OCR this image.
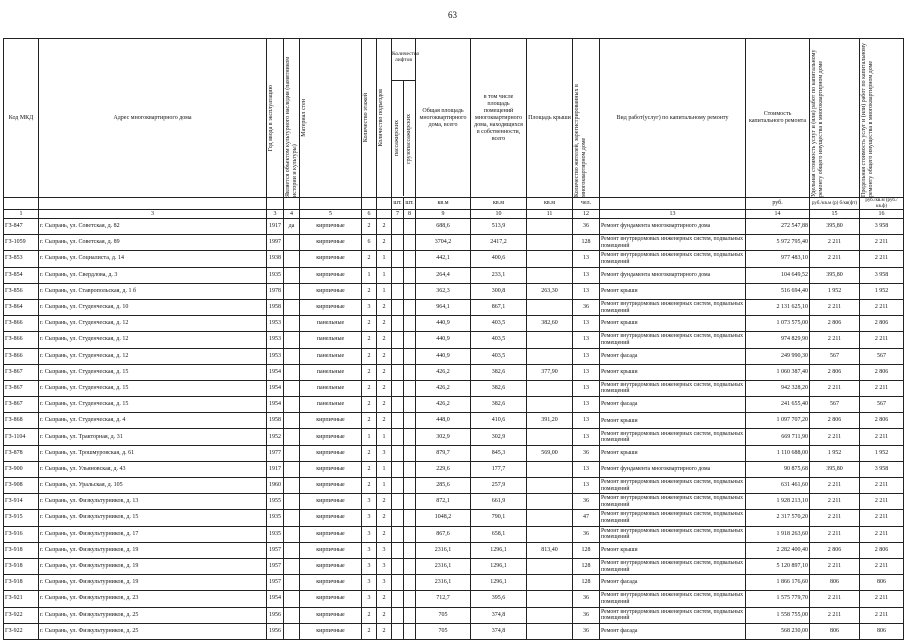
63
Код МКД	Адрес многоквартирного дома	Год ввода в эксплуатацию	Является объектом культурного наследия (памятником истории и культуры)	Материал стен	Количество этажей	Количество подъездов	Количество лифтов
пассажирских грузопассажирских		Общая площадь многоквартирного дома, всего	в том числе площадь помещений многоквартирного дома, находящихся в собственности, всего	Площадь крыши	Количество жителей, зарегистрированных в многоквартирном доме	Вид работ(услуг) по капитальному ремонту	Стоимость капитального ремонта	Удельная стоимость услуг и (или) работ по капитальному ремонту общего имущества в многоквартирном доме	Предельная стоимость услуг и (или) работ по капитальному ремонту общего имущества в многоквартирном доме

							шт.	шт.	кв.м	кв.м	кв.м	чел.		руб.	руб./кв.м (р) б/кв(фт)	руб./кв.м (руб./кв.ф)
1	3	3	4	5	6		7	8	9	10	11	12	13	14	15	16
ГЗ-847	г. Сызрань, ул. Советская, д. 82	1917	да	кирпичные	2	2			688,6	513,9		36	Ремонт фундамента многоквартирного дома	272 547,88	395,80	3 958
ГЗ-1059	г. Сызрань, ул. Советская, д. 89	1997		кирпичные	6	2			3704,2	2417,2		128	Ремонт внутридомовых инженерных систем, подвальных помещений	5 972 795,40	2 211	2 211
ГЗ-853	г. Сызрань, ул. Социалиста, д. 14	1938		кирпичные	2	1			442,1	400,6		13	Ремонт внутридомовых инженерных систем, подвальных помещений	977 483,10	2 211	2 211
ГЗ-854	г. Сызрань, ул. Свердлова, д. 3	1935		кирпичные	1	1			264,4	233,1		13	Ремонт фундамента многоквартирного дома	104 649,52	395,80	3 958
ГЗ-856	г. Сызрань, ул. Ставропольская, д. 1 б	1978		кирпичные	2	1			362,3	300,8	263,30	13	Ремонт крыши	516 694,40	1 952	1 952
ГЗ-864	г. Сызрань, ул. Студенческая, д. 10	1958		кирпичные	3	2			964,1	867,1		36	Ремонт внутридомовых инженерных систем, подвальных помещений	2 131 625,10	2 211	2 211
ГЗ-866	г. Сызрань, ул. Студенческая, д. 12	1953		панельные	2	2			440,9	403,5	382,60	13	Ремонт крыши	1 073 575,00	2 806	2 806
ГЗ-866	г. Сызрань, ул. Студенческая, д. 12	1953		панельные	2	2			440,9	403,5		13	Ремонт внутридомовых инженерных систем, подвальных помещений	974 829,90	2 211	2 211
ГЗ-866	г. Сызрань, ул. Студенческая, д. 12	1953		панельные	2	2			440,9	403,5		13	Ремонт фасада	249 990,30	567	567
ГЗ-867	г. Сызрань, ул. Студенческая, д. 15	1954		панельные	2	2			426,2	382,6	377,90	13	Ремонт крыши	1 060 387,40	2 806	2 806
ГЗ-867	г. Сызрань, ул. Студенческая, д. 15	1954		панельные	2	2			426,2	382,6		13	Ремонт внутридомовых инженерных систем, подвальных помещений	942 328,20	2 211	2 211
ГЗ-867	г. Сызрань, ул. Студенческая, д. 15	1954		панельные	2	2			426,2	382,6		13	Ремонт фасада	241 655,40	567	567
ГЗ-868	г. Сызрань, ул. Студенческая, д. 4	1958		кирпичные	2	2			448,0	410,6	391,20	13	Ремонт крыши	1 097 707,20	2 806	2 806
ГЗ-1104	г. Сызрань, ул. Тракторная, д. 31	1952		кирпичные	1	1			302,9	302,9		13	Ремонт внутридомовых инженерных систем, подвальных помещений	669 711,90	2 211	2 211
ГЗ-878	г. Сызрань, ул. Трошмуровская, д. 61	1977		кирпичные	2	3			879,7	845,3	569,00	36	Ремонт крыши	1 110 688,00	1 952	1 952
ГЗ-900	г. Сызрань, ул. Ульяновская, д. 43	1917		кирпичные	2	1			229,6	177,7		13	Ремонт фундамента многоквартирного дома	90 875,68	395,80	3 958
ГЗ-908	г. Сызрань, ул. Уральская, д. 105	1960		кирпичные	2	1			285,6	257,9		13	Ремонт внутридомовых инженерных систем, подвальных помещений	631 461,60	2 211	2 211
ГЗ-914	г. Сызрань, ул. Физкультурников, д. 13	1955		кирпичные	3	2			872,1	661,9		36	Ремонт внутридомовых инженерных систем, подвальных помещений	1 928 213,10	2 211	2 211
ГЗ-915	г. Сызрань, ул. Физкультурников, д. 15	1935		кирпичные	3	2			1048,2	790,1		47	Ремонт внутридомовых инженерных систем, подвальных помещений	2 317 570,20	2 211	2 211
ГЗ-916	г. Сызрань, ул. Физкультурников, д. 17	1935		кирпичные	3	2			867,6	658,1		36	Ремонт внутридомовых инженерных систем, подвальных помещений	1 918 263,60	2 211	2 211
ГЗ-918	г. Сызрань, ул. Физкультурников, д. 19	1957		кирпичные	3	3			2316,1	1296,1	813,40	128	Ремонт крыши	2 282 400,40	2 806	2 806
ГЗ-918	г. Сызрань, ул. Физкультурников, д. 19	1957		кирпичные	3	3			2316,1	1296,1		128	Ремонт внутридомовых инженерных систем, подвальных помещений	5 120 897,10	2 211	2 211
ГЗ-918	г. Сызрань, ул. Физкультурников, д. 19	1957		кирпичные	3	3			2316,1	1296,1		128	Ремонт фасада	1 866 176,60	806	806
ГЗ-921	г. Сызрань, ул. Физкультурников, д. 23	1954		кирпичные	3	2			712,7	395,6		36	Ремонт внутридомовых инженерных систем, подвальных помещений	1 575 779,70	2 211	2 211
ГЗ-922	г. Сызрань, ул. Физкультурников, д. 25	1956		кирпичные	2	2			705	374,8		36	Ремонт внутридомовых инженерных систем, подвальных помещений	1 558 755,00	2 211	2 211
ГЗ-922	г. Сызрань, ул. Физкультурников, д. 25	1956		кирпичные	2	2			705	374,8		36	Ремонт фасада	568 230,00	806	806
